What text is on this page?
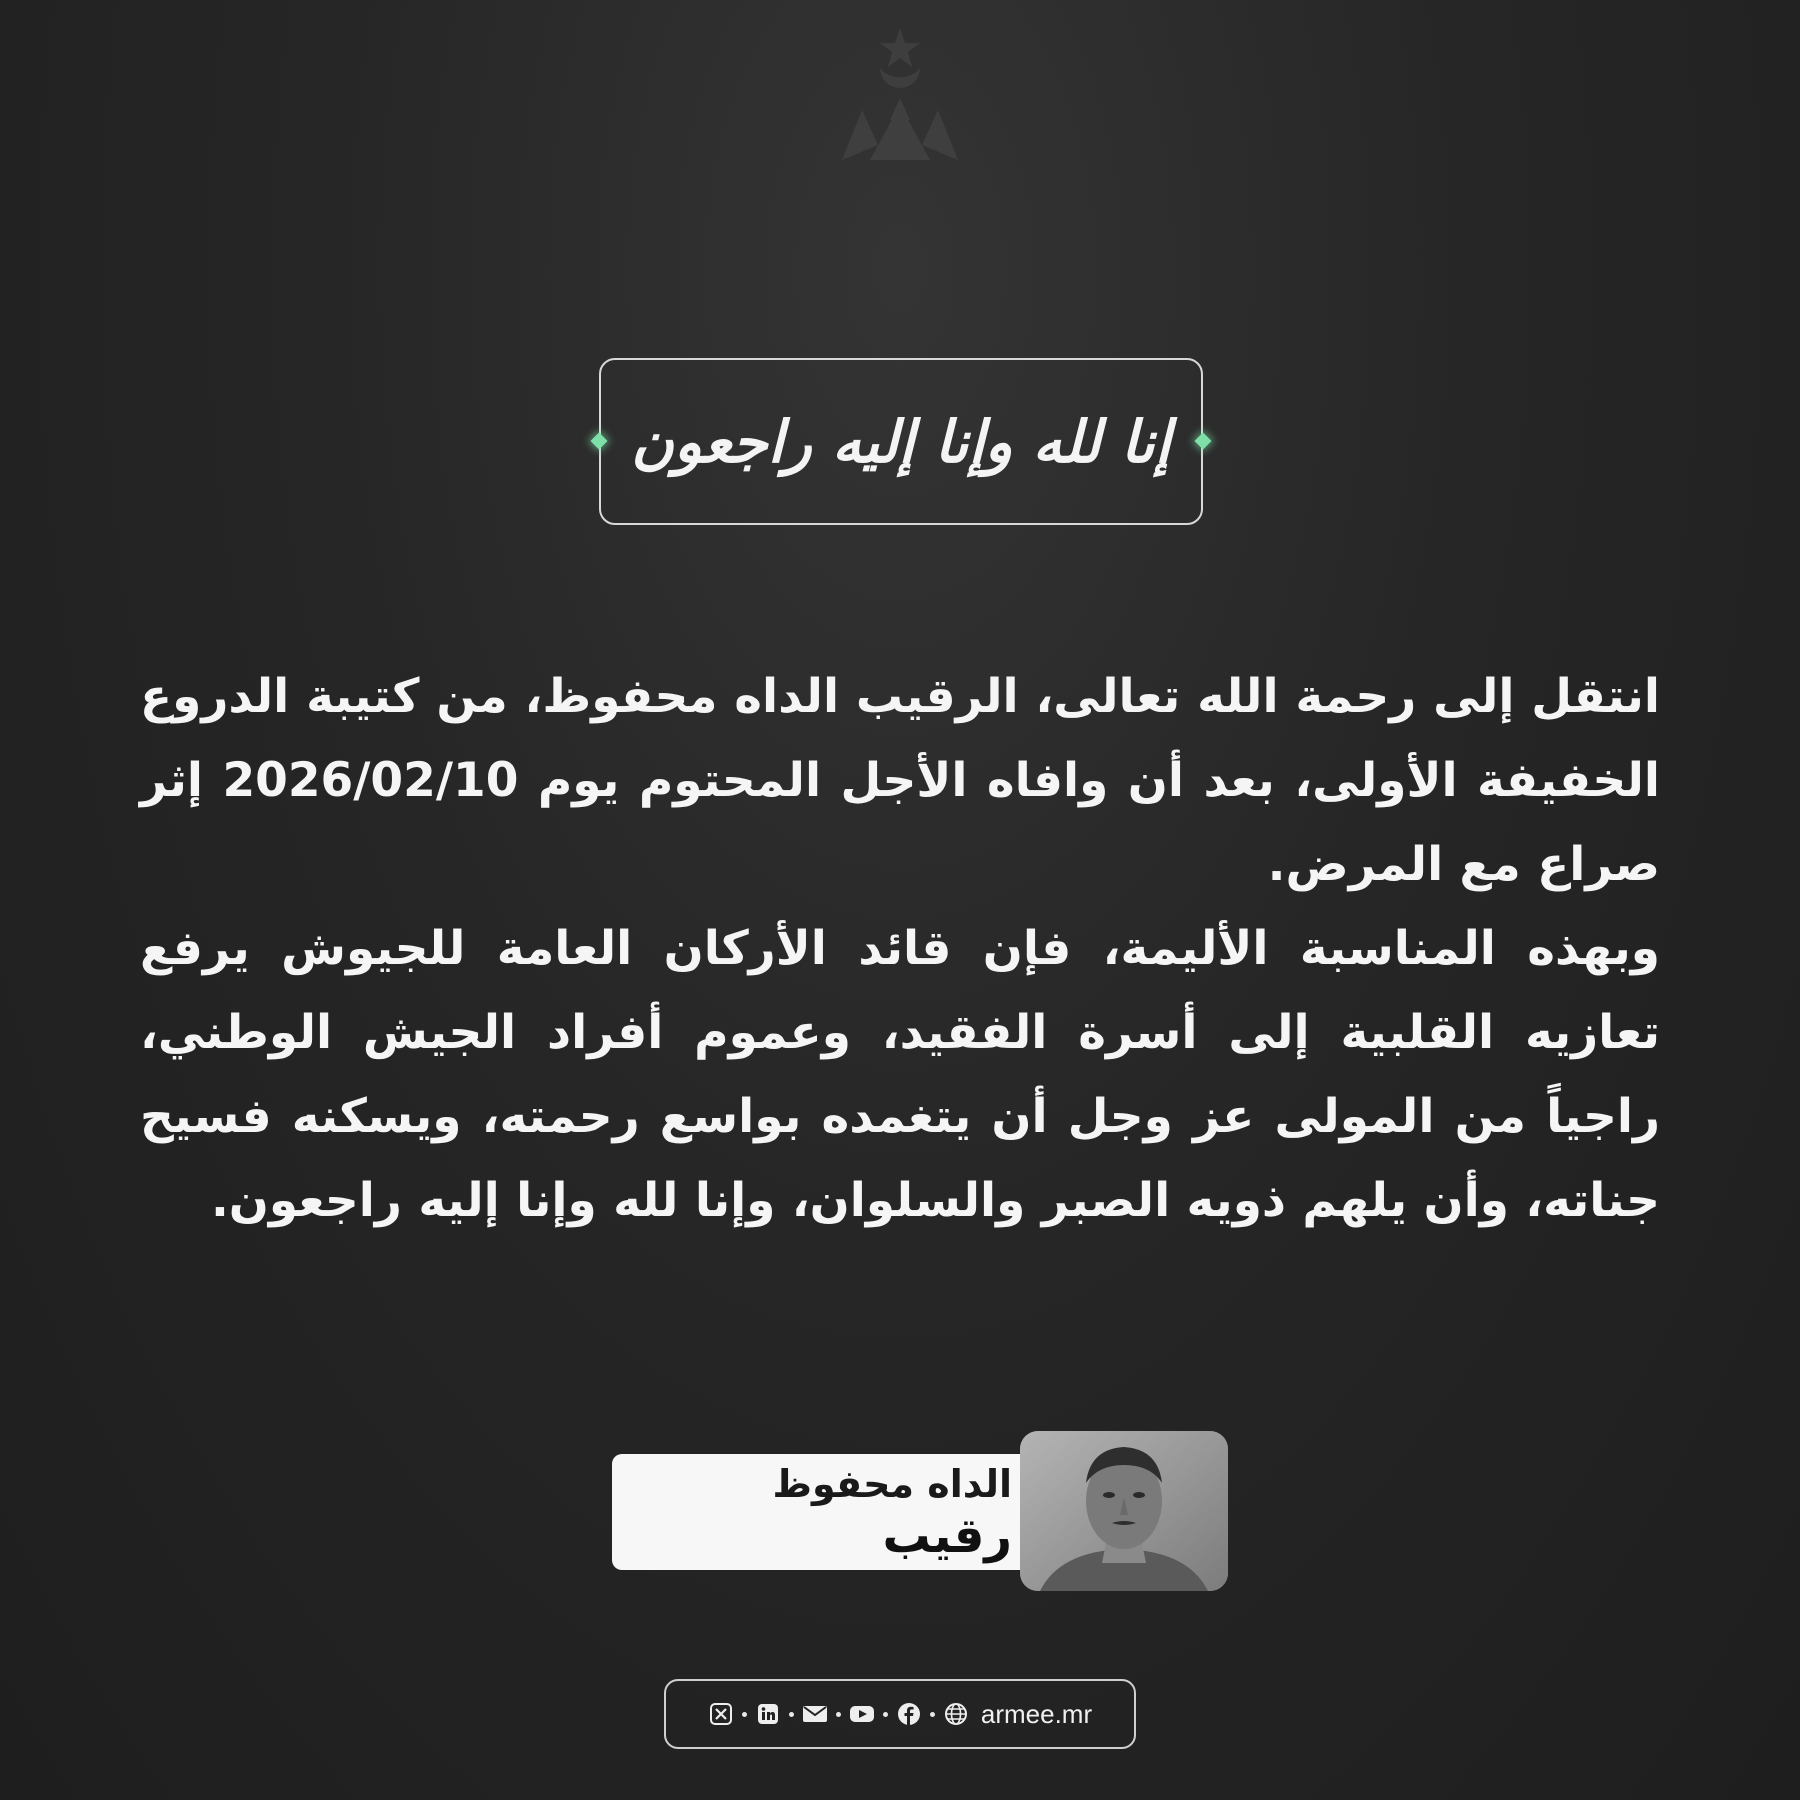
إنا لله وإنا إليه راجعون

انتقل إلى رحمة الله تعالى، الرقيب الداه محفوظ، من كتيبة الدروع الخفيفة الأولى، بعد أن وافاه الأجل المحتوم يوم 2026/02/10 إثر صراع مع المرض.

وبهذه المناسبة الأليمة، فإن قائد الأركان العامة للجيوش يرفع تعازيه القلبية إلى أسرة الفقيد، وعموم أفراد الجيش الوطني، راجياً من المولى عز وجل أن يتغمده بواسع رحمته، ويسكنه فسيح جناته، وأن يلهم ذويه الصبر والسلوان، وإنا لله وإنا إليه راجعون.

الداه محفوظ
رقيب
armee.mr
